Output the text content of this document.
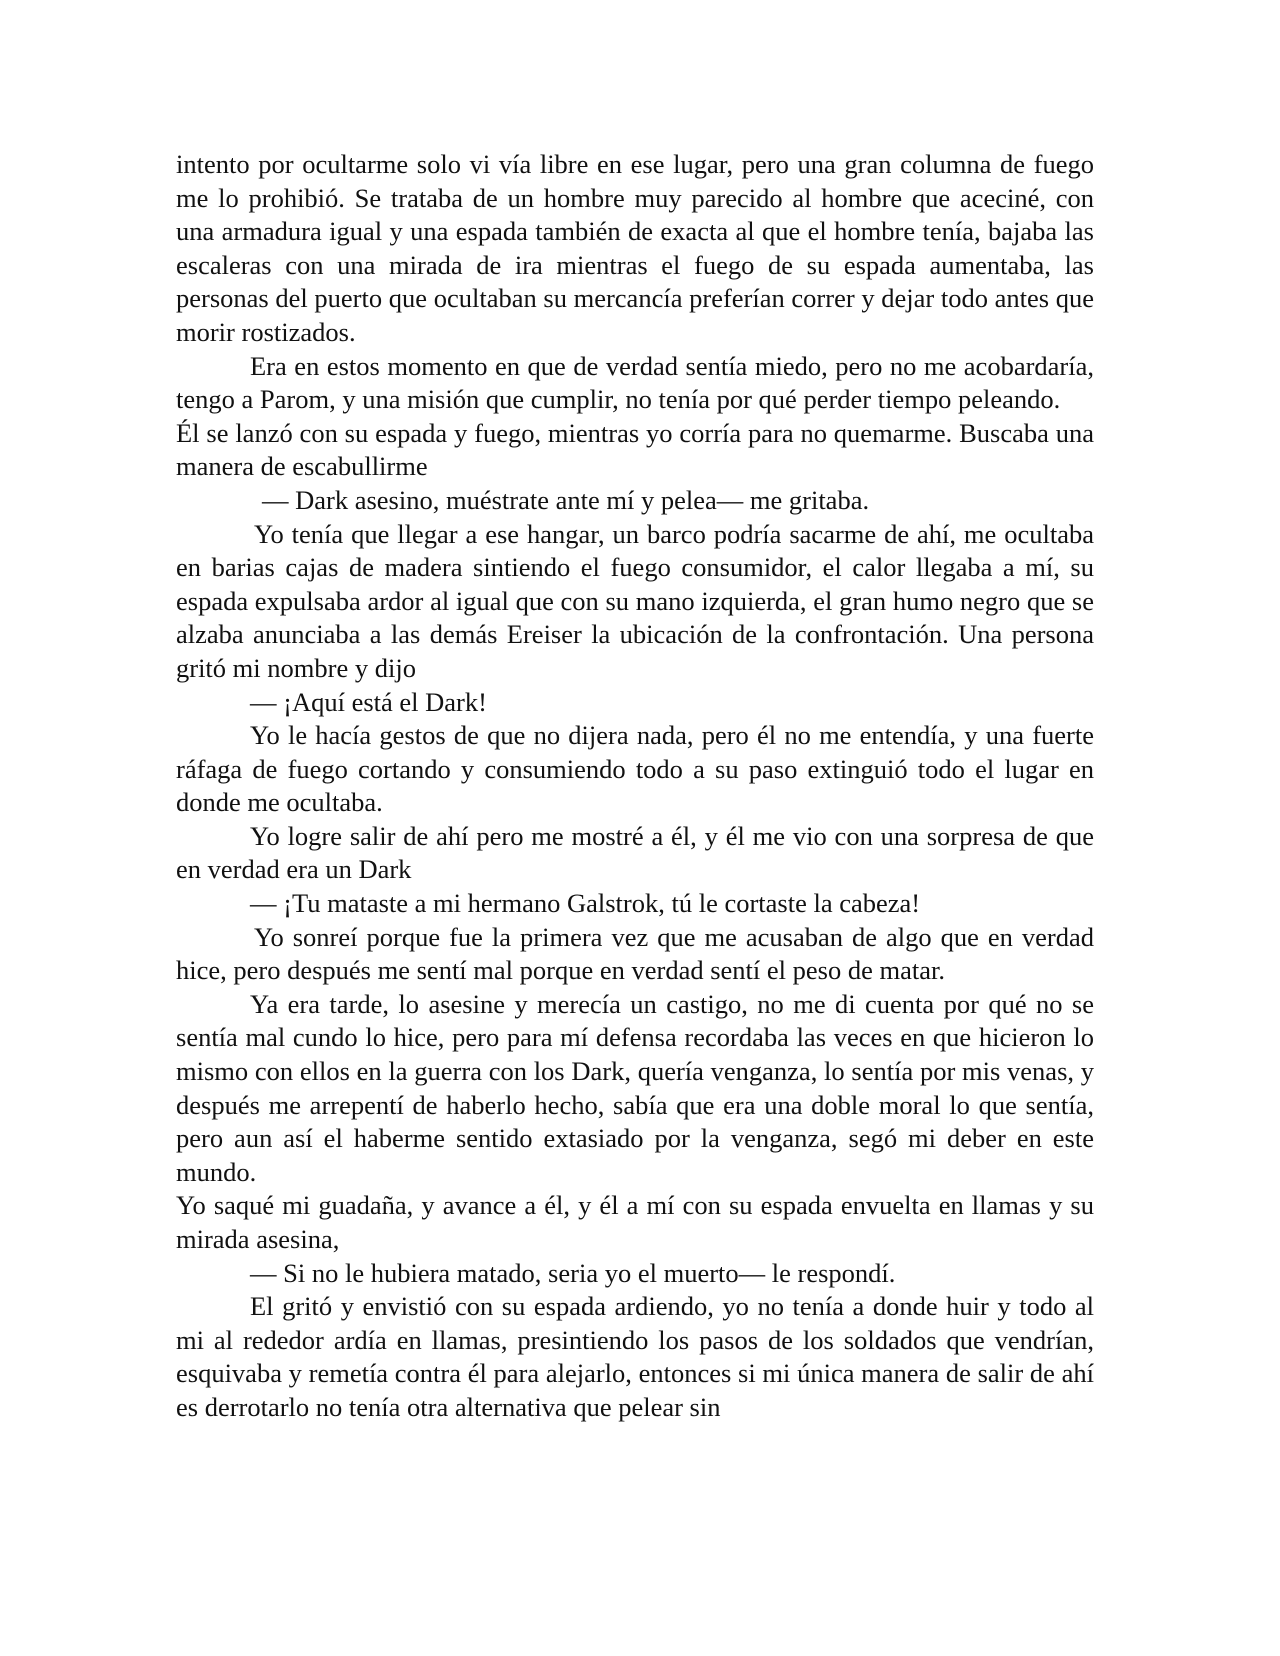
intento por ocultarme solo vi vía libre en ese lugar, pero una gran columna de fuego me lo prohibió. Se trataba de un hombre muy parecido al hombre que aceciné, con una armadura igual y una espada también de exacta al que el hombre tenía, bajaba las escaleras con una mirada de ira mientras el fuego de su espada aumentaba, las personas del puerto que ocultaban su mercancía preferían correr y dejar todo antes que morir rostizados.

Era en estos momento en que de verdad sentía miedo, pero no me acobardaría, tengo a Parom, y una misión que cumplir, no tenía por qué perder tiempo peleando.

Él se lanzó con su espada y fuego, mientras yo corría para no quemarme. Buscaba una manera de escabullirme

— Dark asesino, muéstrate ante mí y pelea— me gritaba.

Yo tenía que llegar a ese hangar, un barco podría sacarme de ahí, me ocultaba en barias cajas de madera sintiendo el fuego consumidor, el calor llegaba a mí, su espada expulsaba ardor al igual que con su mano izquierda, el gran humo negro que se alzaba anunciaba a las demás Ereiser la ubicación de la confrontación. Una persona gritó mi nombre y dijo

— ¡Aquí está el Dark!

Yo le hacía gestos de que no dijera nada, pero él no me entendía, y una fuerte ráfaga de fuego cortando y consumiendo todo a su paso extinguió todo el lugar en donde me ocultaba.

Yo logre salir de ahí pero me mostré a él, y él me vio con una sorpresa de que en verdad era un Dark

— ¡Tu mataste a mi hermano Galstrok, tú le cortaste la cabeza!

Yo sonreí porque fue la primera vez que me acusaban de algo que en verdad hice, pero después me sentí mal porque en verdad sentí el peso de matar.

Ya era tarde, lo asesine y merecía un castigo, no me di cuenta por qué no se sentía mal cundo lo hice, pero para mí defensa recordaba las veces en que hicieron lo mismo con ellos en la guerra con los Dark, quería venganza, lo sentía por mis venas, y después me arrepentí de haberlo hecho, sabía que era una doble moral lo que sentía, pero aun así el haberme sentido extasiado por la venganza, segó mi deber en este mundo.

Yo saqué mi guadaña, y avance a él, y él a mí con su espada envuelta en llamas y su mirada asesina,

— Si no le hubiera matado, seria yo el muerto— le respondí.

El gritó y envistió con su espada ardiendo, yo no tenía a donde huir y todo al mi al rededor ardía en llamas, presintiendo los pasos de los soldados que vendrían, esquivaba y remetía contra él para alejarlo, entonces si mi única manera de salir de ahí es derrotarlo no tenía otra alternativa que pelear sin
